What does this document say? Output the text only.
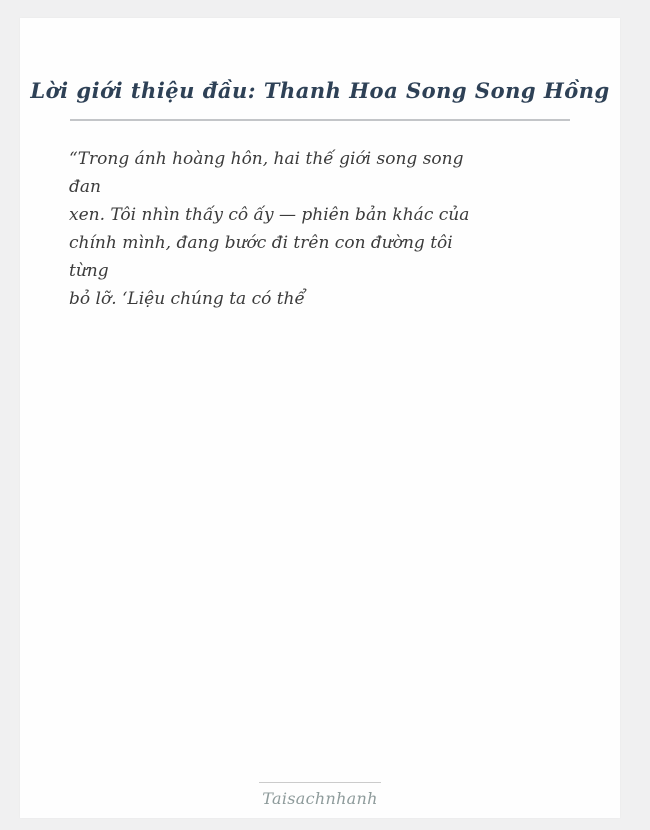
Lời giới thiệu đầu: Thanh Hoa Song Song Hồng
“Trong ánh hoàng hôn, hai thế giới song song
đan
xen. Tôi nhìn thấy cô ấy — phiên bản khác của
chính mình, đang bước đi trên con đường tôi
từng
bỏ lỡ. ‘Liệu chúng ta có thể
Taisachnhanh
